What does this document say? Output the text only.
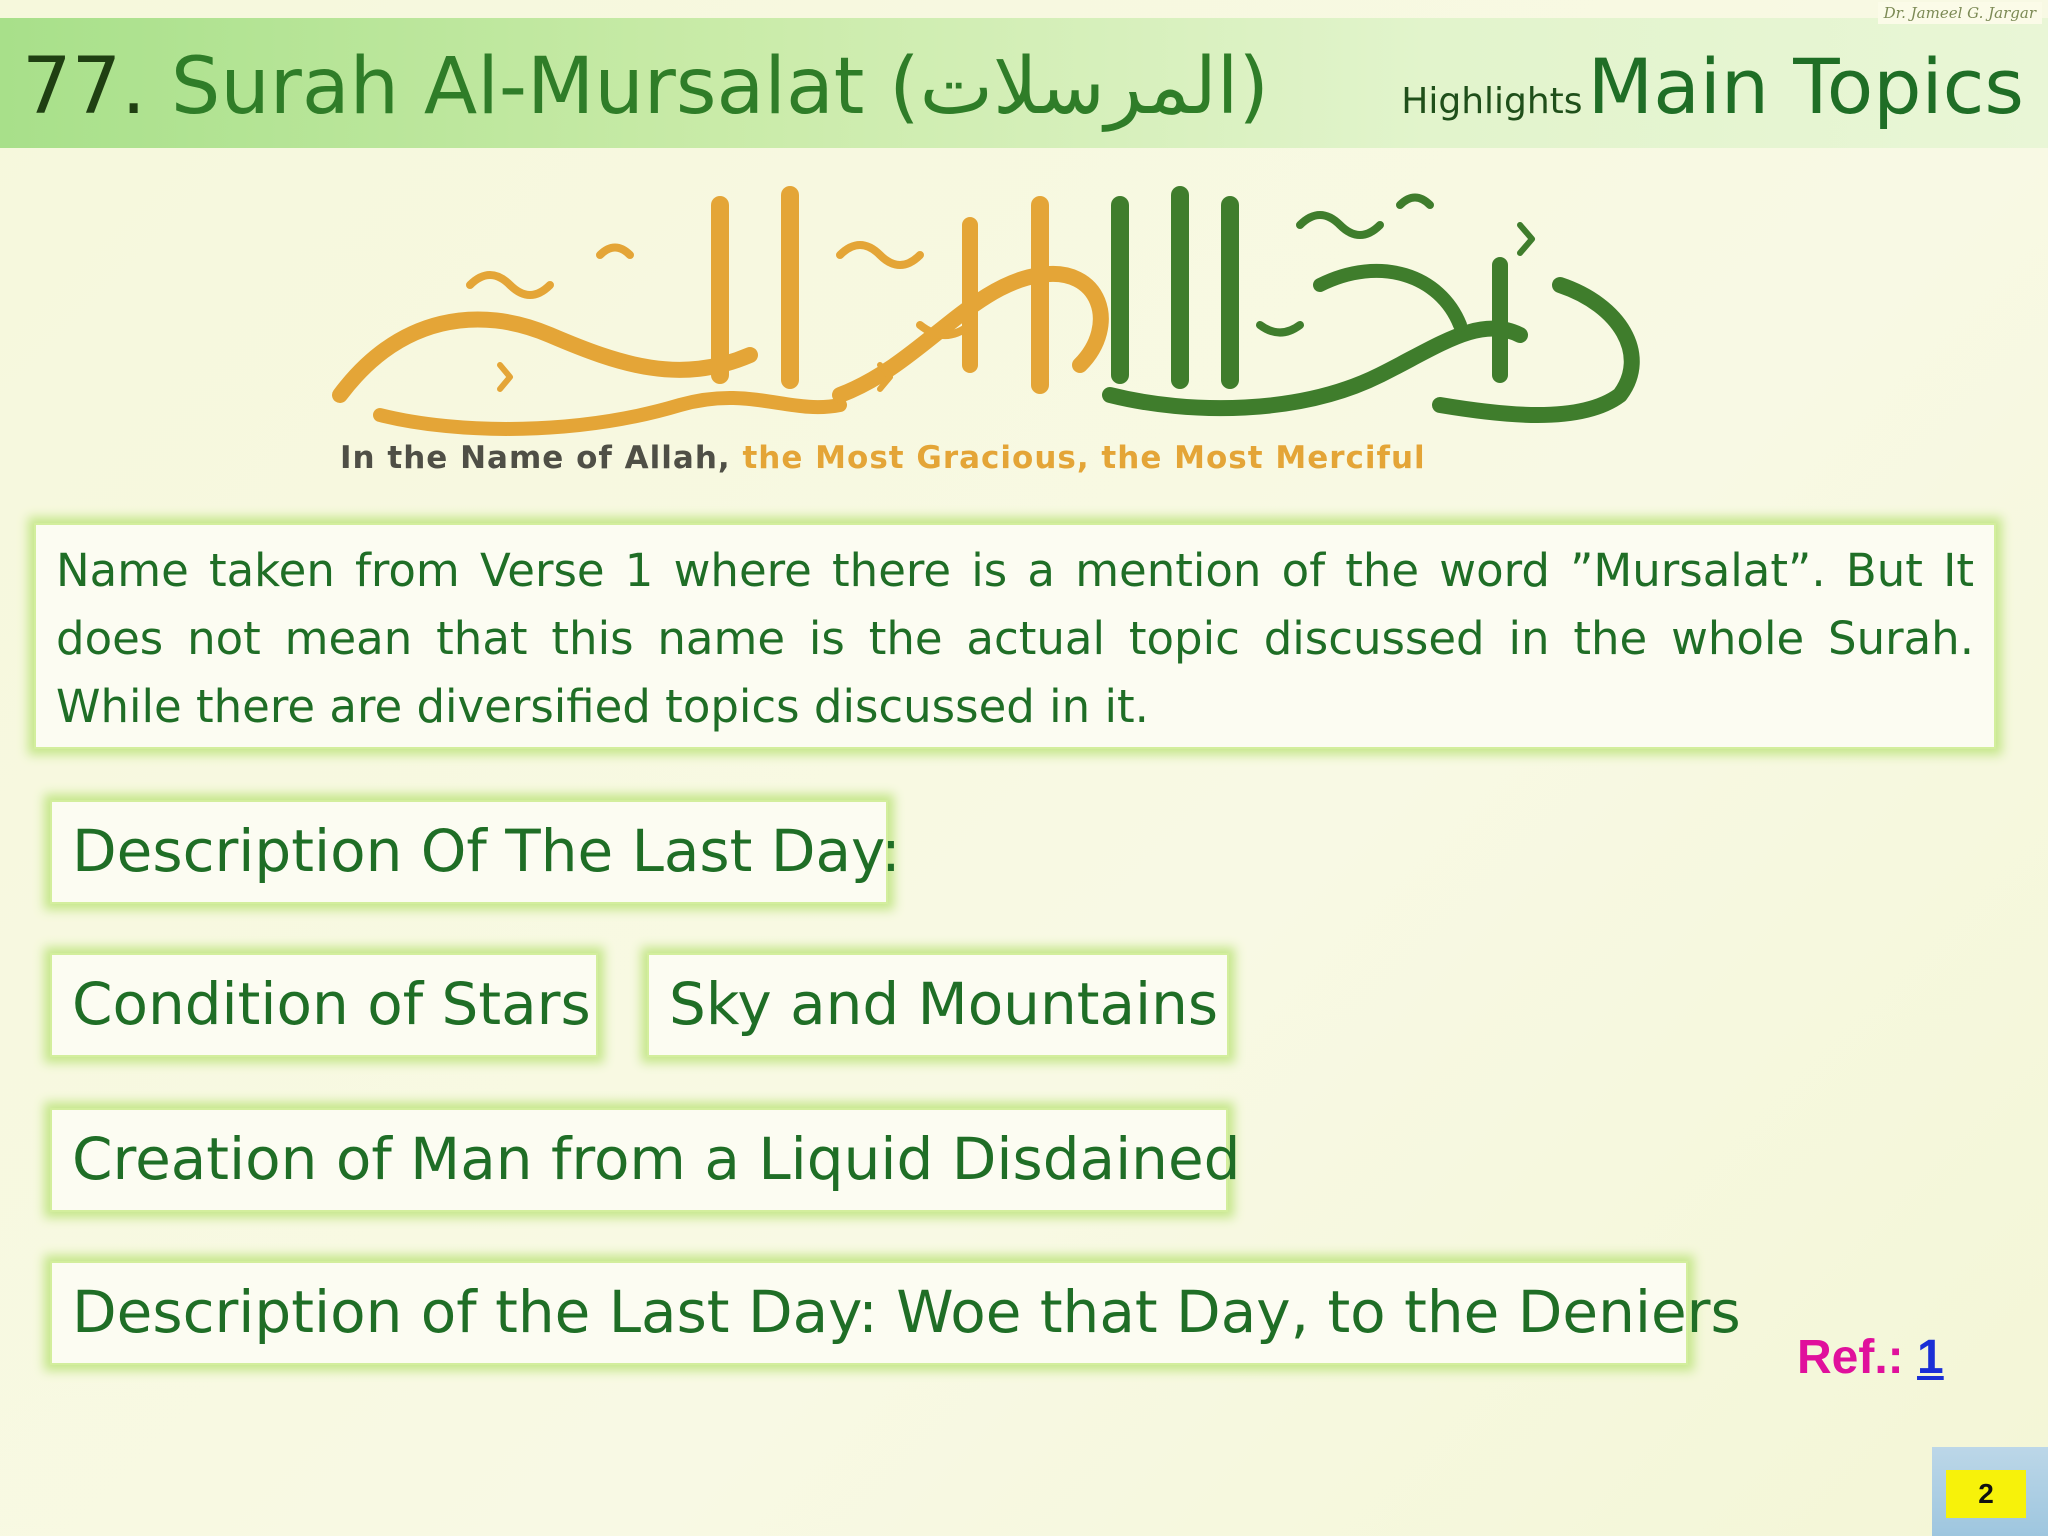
77. Surah Al-Mursalat (المرسلات)	Highlights Main Topics
Dr. Jameel G. Jargar
In the Name of Allah, the Most Gracious, the Most Merciful
Name taken from Verse 1 where there is a mention of the word ”Mursalat”. But It does not mean that this name is the actual topic discussed in the whole Surah. While there are diversified topics discussed in it.
Description Of The Last Day:
Condition of Stars	Sky and Mountains
Creation of Man from a Liquid Disdained
Description of the Last Day: Woe that Day, to the Deniers
Ref.: 1
2
